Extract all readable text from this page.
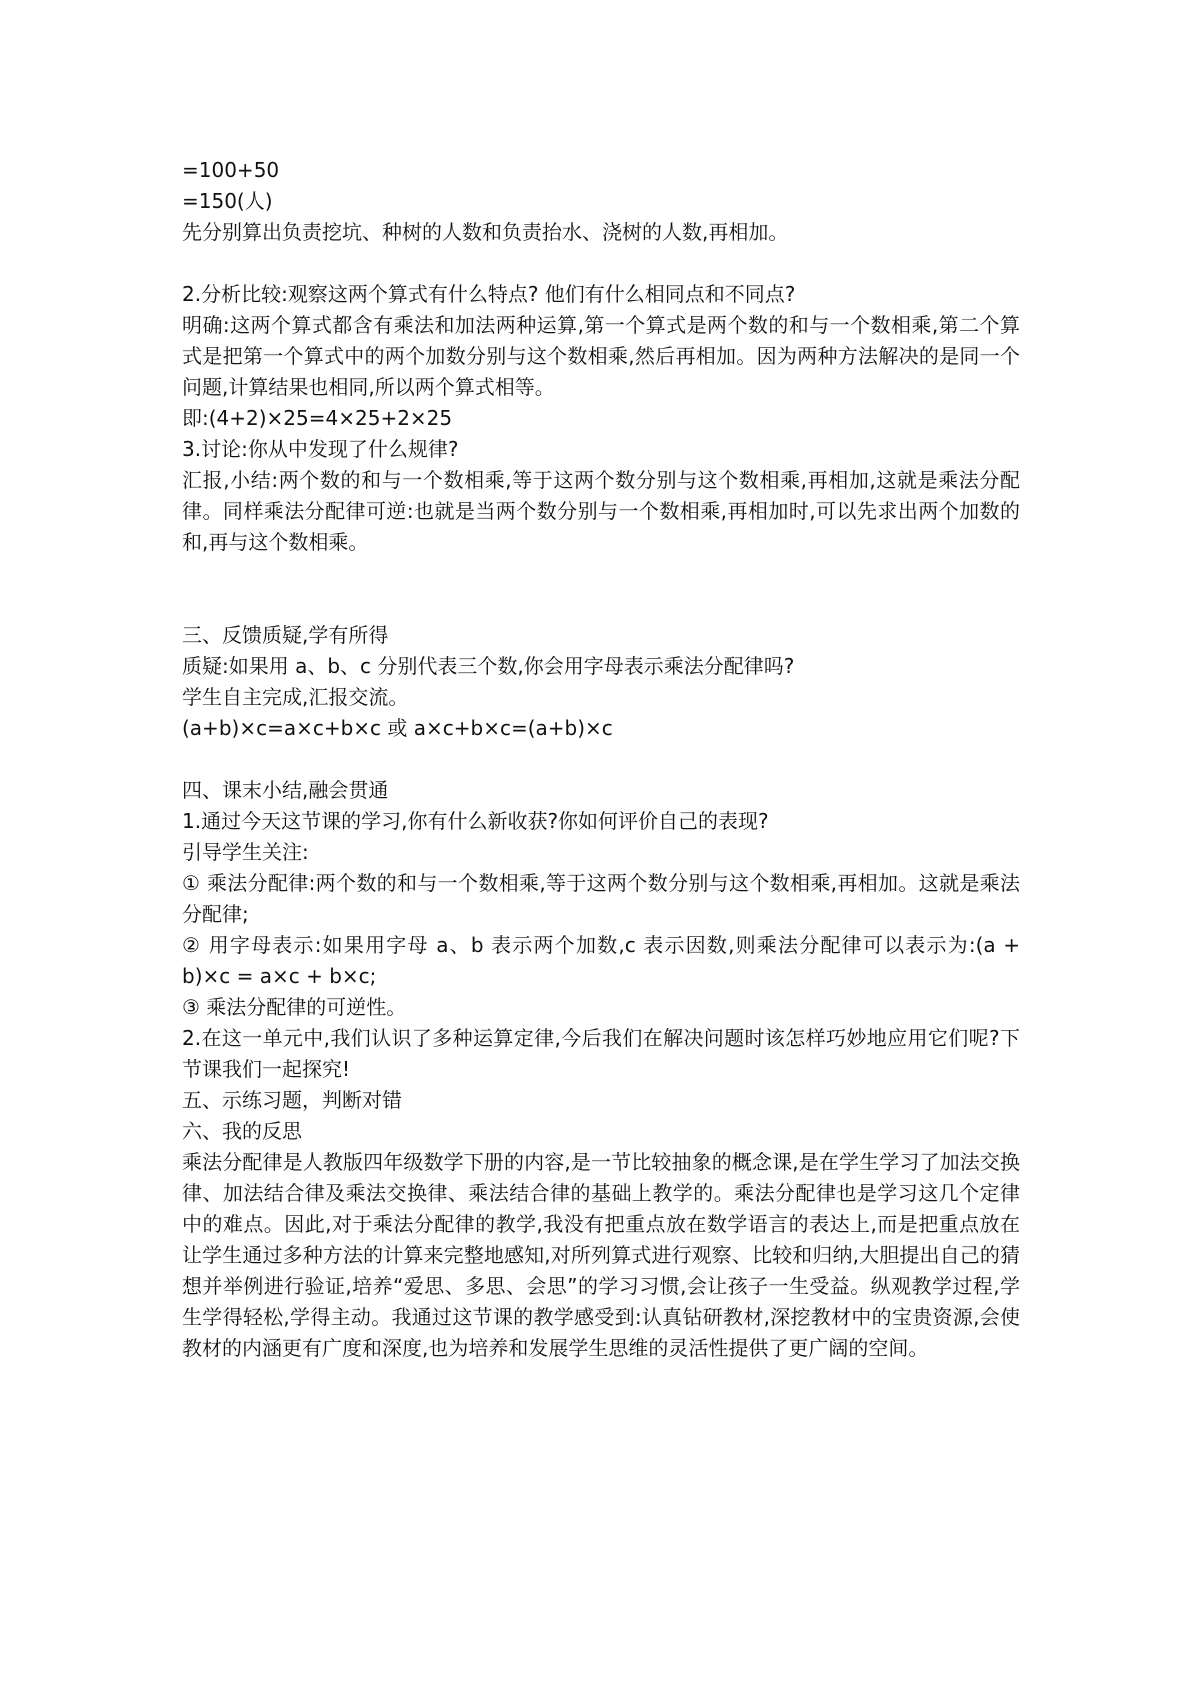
=100+50
=150(人)
先分别算出负责挖坑、种树的人数和负责抬水、浇树的人数,再相加。
2.分析比较:观察这两个算式有什么特点? 他们有什么相同点和不同点?
明确:这两个算式都含有乘法和加法两种运算,第一个算式是两个数的和与一个数相乘,第二个算式是把第一个算式中的两个加数分别与这个数相乘,然后再相加。因为两种方法解决的是同一个问题,计算结果也相同,所以两个算式相等。
即:(4+2)×25=4×25+2×25
3.讨论:你从中发现了什么规律?
汇报,小结:两个数的和与一个数相乘,等于这两个数分别与这个数相乘,再相加,这就是乘法分配律。同样乘法分配律可逆:也就是当两个数分别与一个数相乘,再相加时,可以先求出两个加数的和,再与这个数相乘。
三、反馈质疑,学有所得
质疑:如果用 a、b、c 分别代表三个数,你会用字母表示乘法分配律吗?
学生自主完成,汇报交流。
(a+b)×c=a×c+b×c 或 a×c+b×c=(a+b)×c
四、课末小结,融会贯通
1.通过今天这节课的学习,你有什么新收获?你如何评价自己的表现?
引导学生关注:
① 乘法分配律:两个数的和与一个数相乘,等于这两个数分别与这个数相乘,再相加。这就是乘法分配律;
② 用字母表示:如果用字母 a、b 表示两个加数,c 表示因数,则乘法分配律可以表示为:(a + b)×c = a×c + b×c;
③ 乘法分配律的可逆性。
2.在这一单元中,我们认识了多种运算定律,今后我们在解决问题时该怎样巧妙地应用它们呢?下节课我们一起探究!
五、示练习题，判断对错
六、我的反思
乘法分配律是人教版四年级数学下册的内容,是一节比较抽象的概念课,是在学生学习了加法交换律、加法结合律及乘法交换律、乘法结合律的基础上教学的。乘法分配律也是学习这几个定律中的难点。因此,对于乘法分配律的教学,我没有把重点放在数学语言的表达上,而是把重点放在让学生通过多种方法的计算来完整地感知,对所列算式进行观察、比较和归纳,大胆提出自己的猜想并举例进行验证,培养“爱思、多思、会思”的学习习惯,会让孩子一生受益。纵观教学过程,学生学得轻松,学得主动。我通过这节课的教学感受到:认真钻研教材,深挖教材中的宝贵资源,会使教材的内涵更有广度和深度,也为培养和发展学生思维的灵活性提供了更广阔的空间。
